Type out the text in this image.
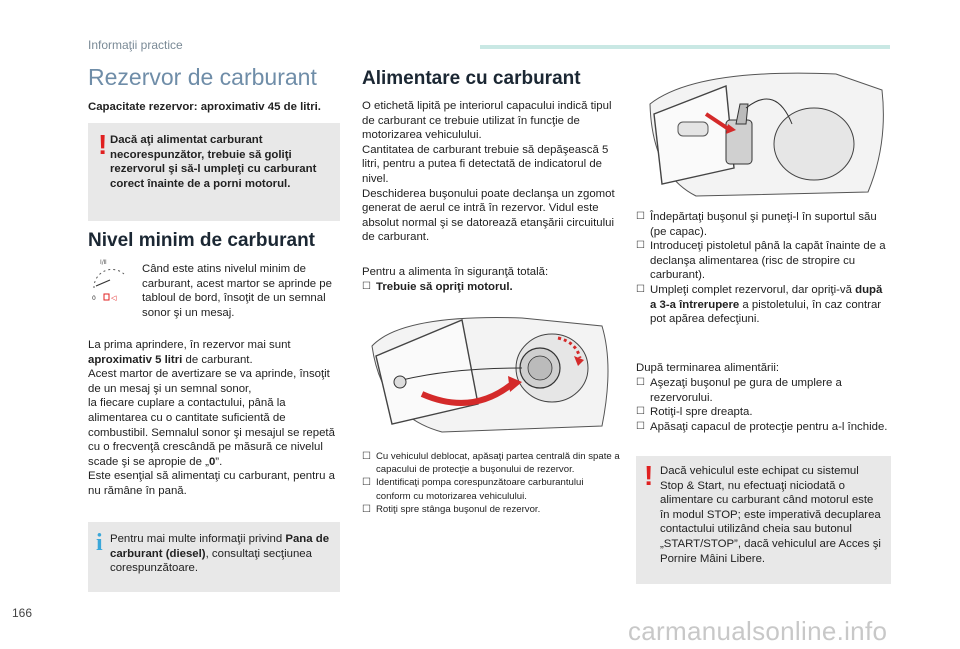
Informaţii practice
Rezervor de carburant

Capacitate rezervor: aproximativ 45 de litri.

! Dacă aţi alimentat carburant necorespunzător, trebuie să goliţi rezervorul şi să-l umpleţi cu carburant corect înainte de a porni motorul.

Nivel minim de carburant
Ⅰ/Ⅱ
◁
0

Când este atins nivelul minim de carburant, acest martor se aprinde pe tabloul de bord, însoţit de un semnal sonor şi un mesaj.

La prima aprindere, în rezervor mai sunt aproximativ 5 litri de carburant.
Acest martor de avertizare se va aprinde, însoţit de un mesaj şi un semnal sonor,
la fiecare cuplare a contactului, până la alimentarea cu o cantitate suficientă de combustibil. Semnalul sonor şi mesajul se repetă cu o frecvenţă crescândă pe măsură ce nivelul scade şi se apropie de „0”.
Este esenţial să alimentaţi cu carburant, pentru a nu rămâne în pană.

i Pentru mai multe informaţii privind Pana de carburant (diesel), consultaţi secţiunea corespunzătoare.

Alimentare cu carburant

O etichetă lipită pe interiorul capacului indică tipul de carburant ce trebuie utilizat în funcţie de motorizarea vehiculului.
Cantitatea de carburant trebuie să depăşească 5 litri, pentru a putea fi detectată de indicatorul de nivel.
Deschiderea buşonului poate declanşa un zgomot generat de aerul ce intră în rezervor. Vidul este absolut normal şi se datorează etanşării circuitului de carburant.

Pentru a alimenta în siguranţă totală:

☐ Trebuie să opriţi motorul.
☐ Cu vehiculul deblocat, apăsaţi partea centrală din spate a capacului de protecţie a buşonului de rezervor.
☐ Identificaţi pompa corespunzătoare carburantului conform cu motorizarea vehiculului.
☐ Rotiţi spre stânga buşonul de rezervor.
☐ Îndepărtaţi buşonul şi puneţi-l în suportul său (pe capac).
☐ Introduceţi pistoletul până la capăt înainte de a declanşa alimentarea (risc de stropire cu carburant).
☐ Umpleţi complet rezervorul, dar opriţi-vă după a 3-a întrerupere a pistoletului, în caz contrar pot apărea defecţiuni.

După terminarea alimentării:

☐ Aşezaţi buşonul pe gura de umplere a rezervorului.
☐ Rotiţi-l spre dreapta.
☐ Apăsaţi capacul de protecţie pentru a-l închide.
! Dacă vehiculul este echipat cu sistemul Stop & Start, nu efectuaţi niciodată o alimentare cu carburant când motorul este în modul STOP; este imperativă decuplarea contactului utilizând cheia sau butonul „START/STOP”, dacă vehiculul are Acces şi Pornire Mâini Libere.

166
carmanualsonline.info
